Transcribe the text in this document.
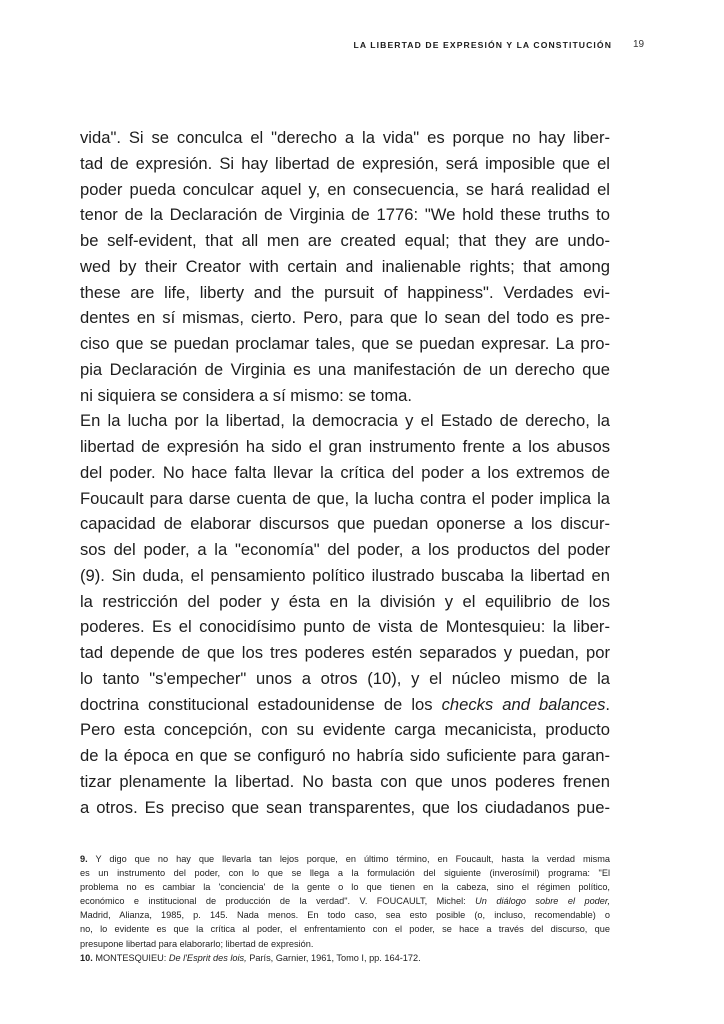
LA LIBERTAD DE EXPRESIÓN Y LA CONSTITUCIÓN 19
vida". Si se conculca el "derecho a la vida" es porque no hay liber-
tad de expresión. Si hay libertad de expresión, será imposible que el
poder pueda conculcar aquel y, en consecuencia, se hará realidad el
tenor de la Declaración de Virginia de 1776: "We hold these truths to
be self-evident, that all men are created equal; that they are undo-
wed by their Creator with certain and inalienable rights; that among
these are life, liberty and the pursuit of happiness". Verdades evi-
dentes en sí mismas, cierto. Pero, para que lo sean del todo es pre-
ciso que se puedan proclamar tales, que se puedan expresar. La pro-
pia Declaración de Virginia es una manifestación de un derecho que
ni siquiera se considera a sí mismo: se toma.
En la lucha por la libertad, la democracia y el Estado de derecho, la
libertad de expresión ha sido el gran instrumento frente a los abusos
del poder. No hace falta llevar la crítica del poder a los extremos de
Foucault para darse cuenta de que, la lucha contra el poder implica la
capacidad de elaborar discursos que puedan oponerse a los discur-
sos del poder, a la "economía" del poder, a los productos del poder
(9). Sin duda, el pensamiento político ilustrado buscaba la libertad en
la restricción del poder y ésta en la división y el equilibrio de los
poderes. Es el conocidísimo punto de vista de Montesquieu: la liber-
tad depende de que los tres poderes estén separados y puedan, por
lo tanto "s'empecher" unos a otros (10), y el núcleo mismo de la
doctrina constitucional estadounidense de los checks and balances.
Pero esta concepción, con su evidente carga mecanicista, producto
de la época en que se configuró no habría sido suficiente para garan-
tizar plenamente la libertad. No basta con que unos poderes frenen
a otros. Es preciso que sean transparentes, que los ciudadanos pue-
9. Y digo que no hay que llevarla tan lejos porque, en último término, en Foucault, hasta la verdad misma
es un instrumento del poder, con lo que se llega a la formulación del siguiente (inverosímil) programa: "El
problema no es cambiar la 'conciencia' de la gente o lo que tienen en la cabeza, sino el régimen político,
económico e institucional de producción de la verdad". V. FOUCAULT, Michel: Un diálogo sobre el poder,
Madrid, Alianza, 1985, p. 145. Nada menos. En todo caso, sea esto posible (o, incluso, recomendable) o
no, lo evidente es que la crítica al poder, el enfrentamiento con el poder, se hace a través del discurso, que
presupone libertad para elaborarlo; libertad de expresión.
10. MONTESQUIEU: De l'Esprit des lois, París, Garnier, 1961, Tomo I, pp. 164-172.
